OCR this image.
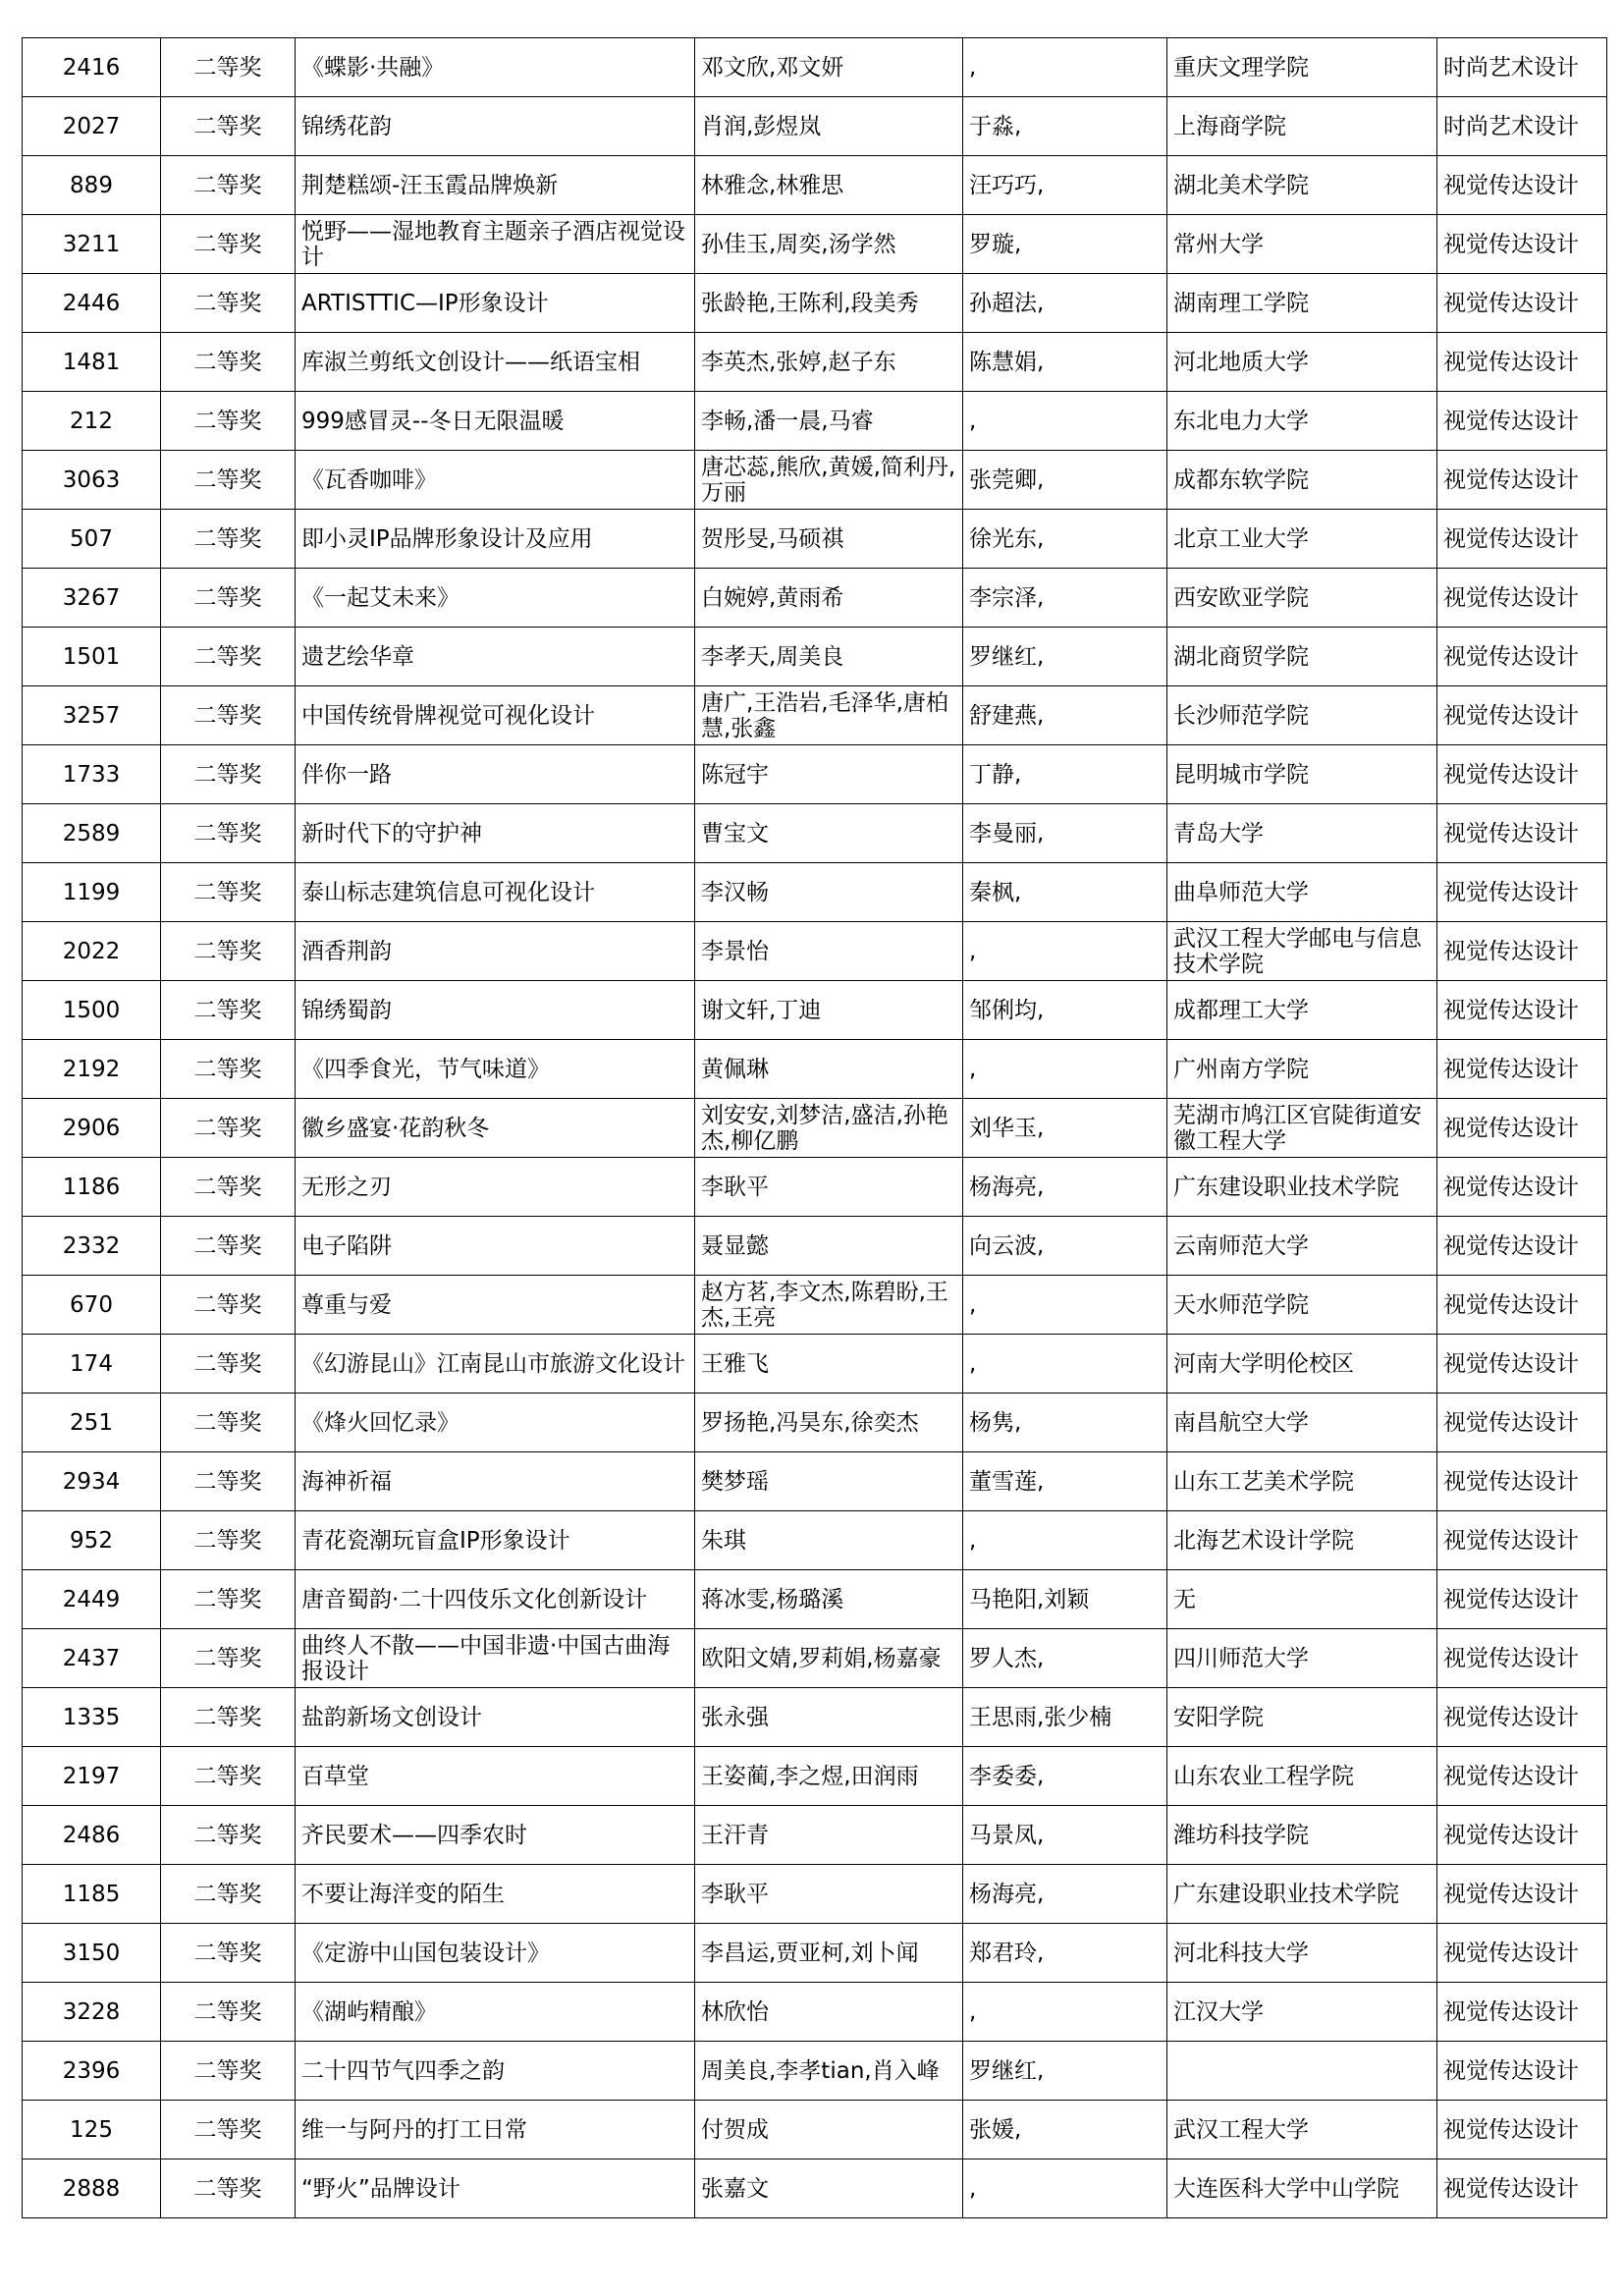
2416	二等奖	《蝶影·共融》	邓文欣,邓文妍	,	重庆文理学院	时尚艺术设计
2027	二等奖	锦绣花韵	肖润,彭煜岚	于淼,	上海商学院	时尚艺术设计
889	二等奖	荆楚糕颂-汪玉霞品牌焕新	林雅念,林雅思	汪巧巧,	湖北美术学院	视觉传达设计
3211	二等奖	悦野——湿地教育主题亲子酒店视觉设计	孙佳玉,周奕,汤学然	罗璇,	常州大学	视觉传达设计
2446	二等奖	ARTISTTIC—IP形象设计	张龄艳,王陈利,段美秀	孙超法,	湖南理工学院	视觉传达设计
1481	二等奖	库淑兰剪纸文创设计——纸语宝相	李英杰,张婷,赵子东	陈慧娟,	河北地质大学	视觉传达设计
212	二等奖	999感冒灵--冬日无限温暖	李畅,潘一晨,马睿	,	东北电力大学	视觉传达设计
3063	二等奖	《瓦香咖啡》	唐芯蕊,熊欣,黄媛,简利丹,万丽	张莞卿,	成都东软学院	视觉传达设计
507	二等奖	即小灵IP品牌形象设计及应用	贺彤旻,马硕祺	徐光东,	北京工业大学	视觉传达设计
3267	二等奖	《一起艾未来》	白婉婷,黄雨希	李宗泽,	西安欧亚学院	视觉传达设计
1501	二等奖	遗艺绘华章	李孝天,周美良	罗继红,	湖北商贸学院	视觉传达设计
3257	二等奖	中国传统骨牌视觉可视化设计	唐广,王浩岩,毛泽华,唐柏慧,张鑫	舒建燕,	长沙师范学院	视觉传达设计
1733	二等奖	伴你一路	陈冠宇	丁静,	昆明城市学院	视觉传达设计
2589	二等奖	新时代下的守护神	曹宝文	李曼丽,	青岛大学	视觉传达设计
1199	二等奖	泰山标志建筑信息可视化设计	李汉畅	秦枫,	曲阜师范大学	视觉传达设计
2022	二等奖	酒香荆韵	李景怡	,	武汉工程大学邮电与信息技术学院	视觉传达设计
1500	二等奖	锦绣蜀韵	谢文轩,丁迪	邹俐均,	成都理工大学	视觉传达设计
2192	二等奖	《四季食光，节气味道》	黄佩琳	,	广州南方学院	视觉传达设计
2906	二等奖	徽乡盛宴·花韵秋冬	刘安安,刘梦洁,盛洁,孙艳杰,柳亿鹏	刘华玉,	芜湖市鸠江区官陡街道安徽工程大学	视觉传达设计
1186	二等奖	无形之刃	李耿平	杨海亮,	广东建设职业技术学院	视觉传达设计
2332	二等奖	电子陷阱	聂显懿	向云波,	云南师范大学	视觉传达设计
670	二等奖	尊重与爱	赵方茗,李文杰,陈碧盼,王杰,王亮	,	天水师范学院	视觉传达设计
174	二等奖	《幻游昆山》江南昆山市旅游文化设计	王雅飞	,	河南大学明伦校区	视觉传达设计
251	二等奖	《烽火回忆录》	罗扬艳,冯昊东,徐奕杰	杨隽,	南昌航空大学	视觉传达设计
2934	二等奖	海神祈福	樊梦瑶	董雪莲,	山东工艺美术学院	视觉传达设计
952	二等奖	青花瓷潮玩盲盒IP形象设计	朱琪	,	北海艺术设计学院	视觉传达设计
2449	二等奖	唐音蜀韵·二十四伎乐文化创新设计	蒋冰雯,杨璐溪	马艳阳,刘颖	无	视觉传达设计
2437	二等奖	曲终人不散——中国非遗·中国古曲海报设计	欧阳文婧,罗莉娟,杨嘉豪	罗人杰,	四川师范大学	视觉传达设计
1335	二等奖	盐韵新场文创设计	张永强	王思雨,张少楠	安阳学院	视觉传达设计
2197	二等奖	百草堂	王姿蔺,李之煜,田润雨	李委委,	山东农业工程学院	视觉传达设计
2486	二等奖	齐民要术——四季农时	王汗青	马景凤,	潍坊科技学院	视觉传达设计
1185	二等奖	不要让海洋变的陌生	李耿平	杨海亮,	广东建设职业技术学院	视觉传达设计
3150	二等奖	《定游中山国包装设计》	李昌运,贾亚柯,刘卜闻	郑君玲,	河北科技大学	视觉传达设计
3228	二等奖	《湖屿精酿》	林欣怡	,	江汉大学	视觉传达设计
2396	二等奖	二十四节气四季之韵	周美良,李孝tian,肖入峰	罗继红,		视觉传达设计
125	二等奖	维一与阿丹的打工日常	付贺成	张媛,	武汉工程大学	视觉传达设计
2888	二等奖	“野火”品牌设计	张嘉文	,	大连医科大学中山学院	视觉传达设计
